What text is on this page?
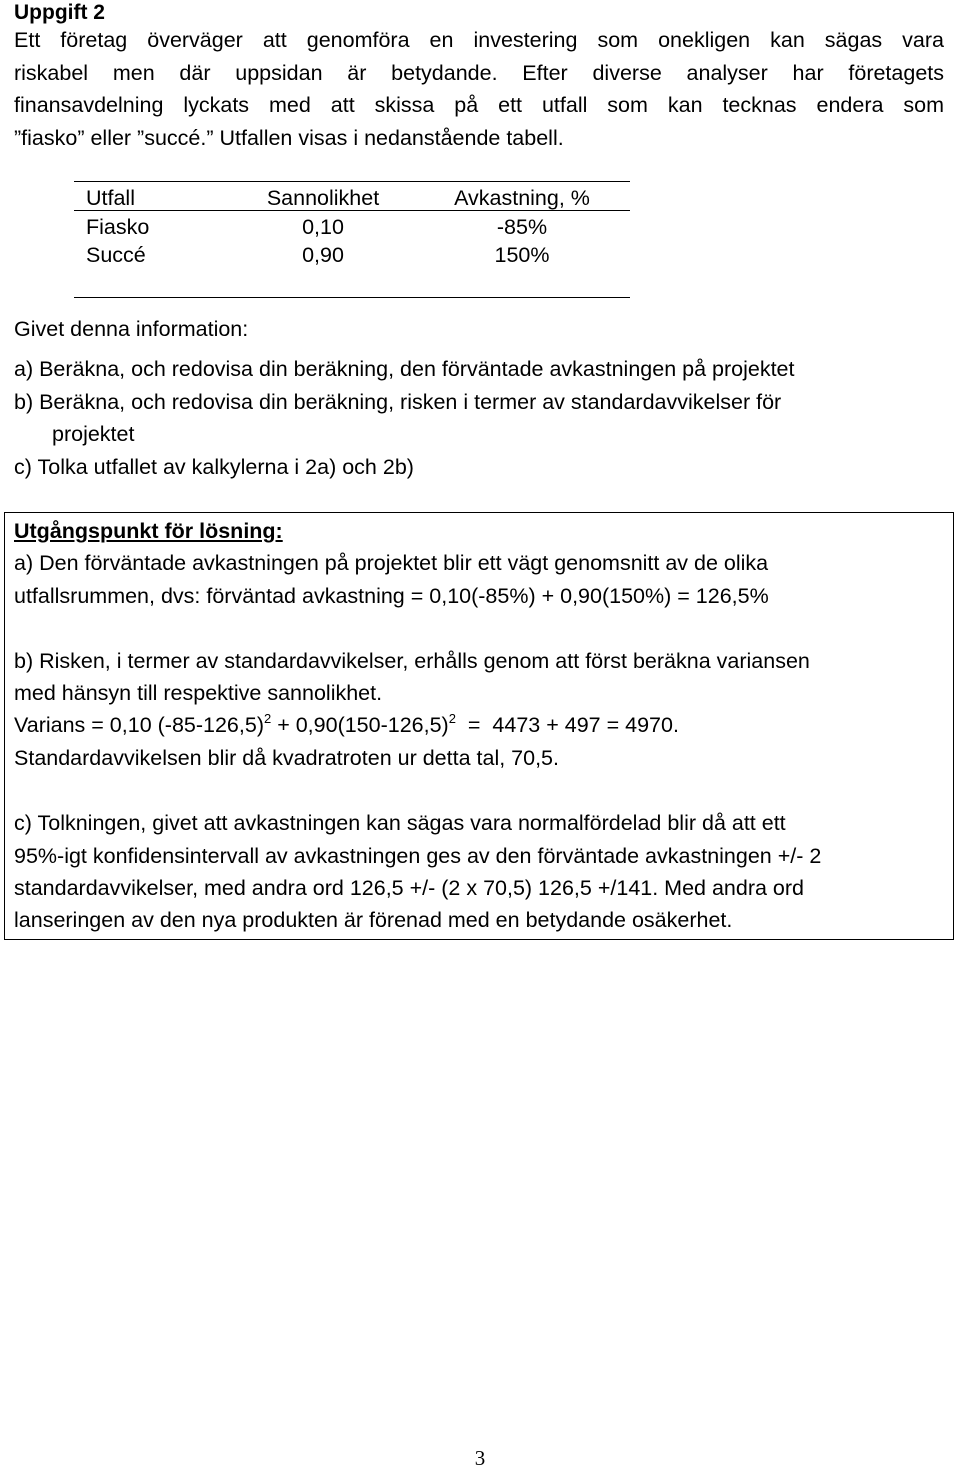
Uppgift 2
Ett företag överväger att genomföra en investering som onekligen kan sägas vara
riskabel men där uppsidan är betydande. Efter diverse analyser har företagets
finansavdelning lyckats med att skissa på ett utfall som kan tecknas endera som
”fiasko” eller ”succé.” Utfallen visas i nedanstående tabell.
Utfall	Sannolikhet	Avkastning, %
Fiasko	0,10	-85%
Succé	0,90	150%
Givet denna information:
a) Beräkna, och redovisa din beräkning, den förväntade avkastningen på projektet
b) Beräkna, och redovisa din beräkning, risken i termer av standardavvikelser för
projektet
c) Tolka utfallet av kalkylerna i 2a) och 2b)
Utgångspunkt för lösning:
a) Den förväntade avkastningen på projektet blir ett vägt genomsnitt av de olika
utfallsrummen, dvs: förväntad avkastning = 0,10(-85%) + 0,90(150%) = 126,5%
b) Risken, i termer av standardavvikelser, erhålls genom att först beräkna variansen
med hänsyn till respektive sannolikhet.
Varians = 0,10 $(-85-126,5)^2 + 0,90(150-126,5)^2 = 4473 + 497 = 4970$.
Standardavvikelsen blir då kvadratroten ur detta tal, 70,5.
c) Tolkningen, givet att avkastningen kan sägas vara normalfördelad blir då att ett
95%-igt konfidensintervall av avkastningen ges av den förväntade avkastningen +/- 2
standardavvikelser, med andra ord 126,5 +/- (2 x 70,5) 126,5 +/141. Med andra ord
lanseringen av den nya produkten är förenad med en betydande osäkerhet.
3
